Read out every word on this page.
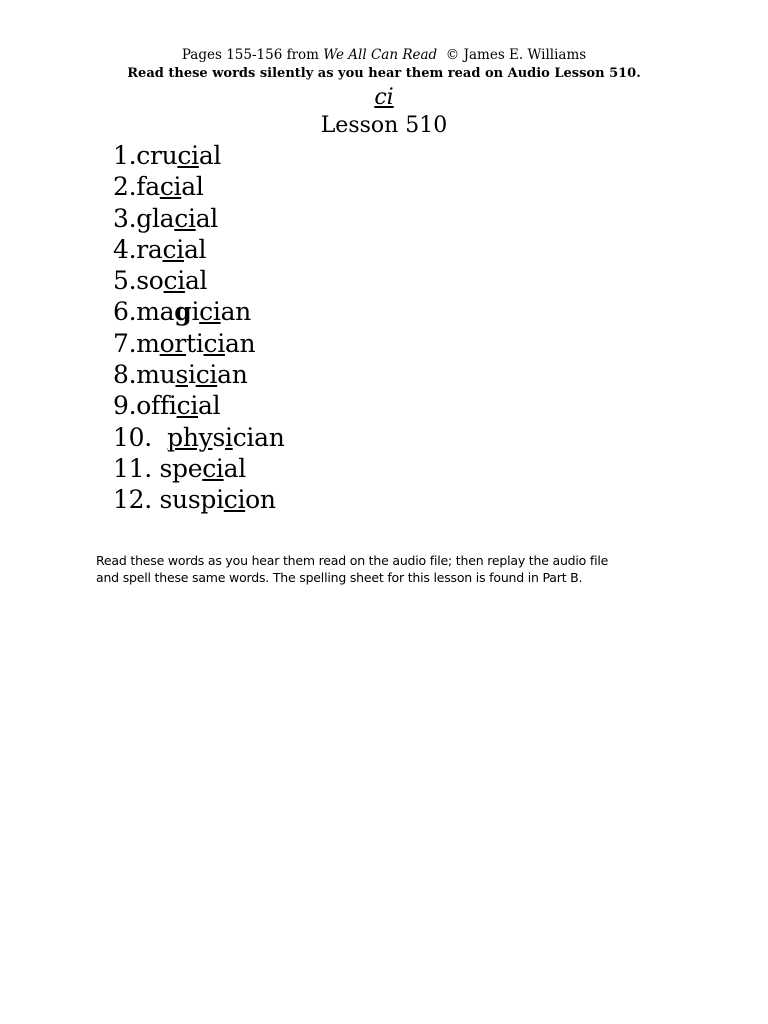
Pages 155-156 from We All Can Read  © James E. Williams
Read these words silently as you hear them read on Audio Lesson 510.
ci
Lesson 510
1.crucial
2.facial
3.glacial
4.racial
5.social
6.magician
7.mortician
8.musician
9.official
10. physician
11. special
12. suspicion
Read these words as you hear them read on the audio file; then replay the audio file
and spell these same words. The spelling sheet for this lesson is found in Part B.
